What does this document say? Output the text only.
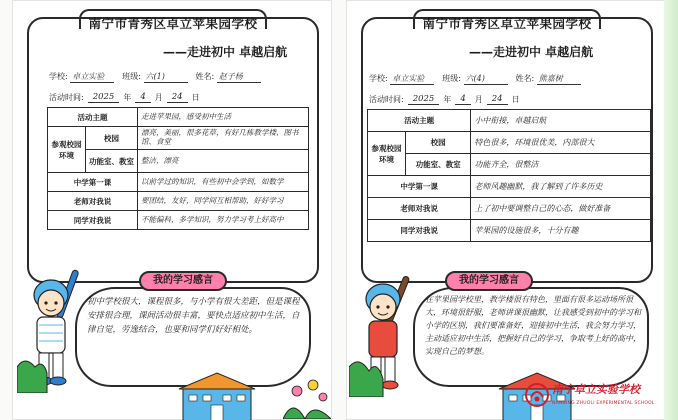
南宁市青秀区卓立苹果园学校
——走进初中 卓越启航
学校: 卓立实验	班级: 六(1)	姓名: 赵子杨
活动时间:	2025	年	4	月	24	日
活动主题		走进苹果园，感受初中生活
参观校园环境	校园	漂亮，美丽，很多花草，有好几栋教学楼、图书馆、食堂
	功能室、教室	整洁，漂亮
中学第一课		以前学过的知识，有些初中会学到，如数学
老师对我说		要团结，友好，同学间互相帮助，好好学习
同学对我说		不能偏科，多学知识，努力学习考上好高中
我的学习感言
初中学校很大，课程很多，与小学有很大差距，但是课程安排很合理，课间活动很丰富，要快点适应初中生活，自律自觉，劳逸结合，也要和同学们好好相处。
南宁市青秀区卓立苹果园学校
——走进初中 卓越启航
学校: 卓立实验	班级: 六(4)	姓名: 熊嘉树
活动时间:	2025	年	4	月	24	日
活动主题		小中衔接，卓越启航
参观校园环境	校园	特色很多，环境很优美，内部很大
	功能室、教室	功能齐全，很整洁
中学第一课		老师风趣幽默，我了解到了许多历史
老师对我说		上了初中要调整自己的心态，做好准备
同学对我说		苹果园的设施很多，十分有趣
我的学习感言
在苹果园学校里，教学楼很有特色，里面有很多运动场所很大，环境很舒服，老师讲课很幽默，让我感受到初中的学习和小学的区别，我们要准备好，迎接初中生活，我会努力学习，主动适应初中生活，把握好自己的学习，争取考上好的高中，实现自己的梦想。
南宁卓立实验学校
NANNING ZHUOLI EXPERIMENTAL SCHOOL
